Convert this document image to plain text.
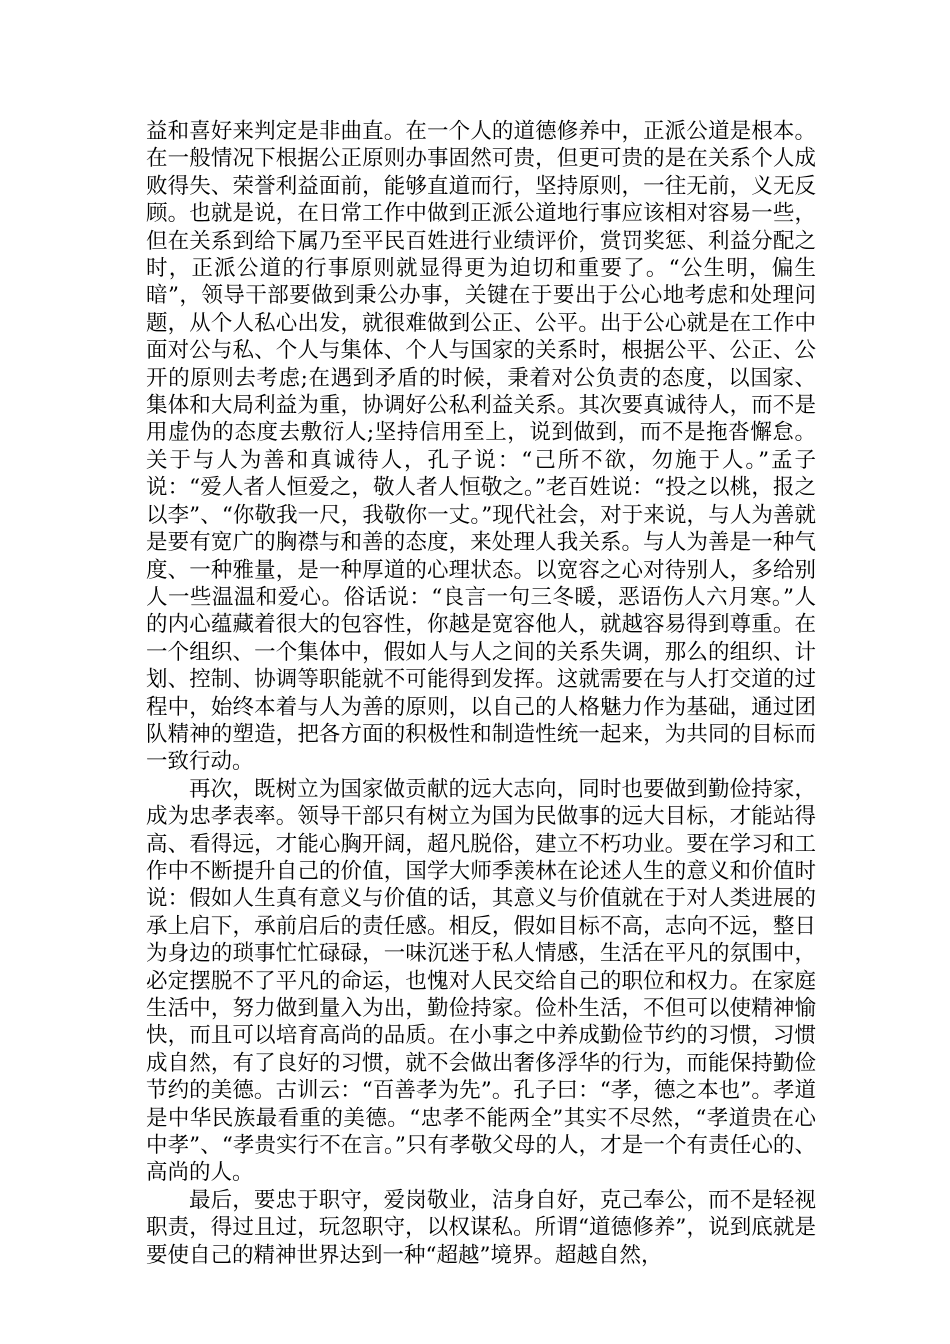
益和喜好来判定是非曲直。在一个人的道德修养中，正派公道是根本。在一般情况下根据公正原则办事固然可贵，但更可贵的是在关系个人成败得失、荣誉利益面前，能够直道而行，坚持原则，一往无前，义无反顾。也就是说，在日常工作中做到正派公道地行事应该相对容易一些，但在关系到给下属乃至平民百姓进行业绩评价，赏罚奖惩、利益分配之时，正派公道的行事原则就显得更为迫切和重要了。“公生明，偏生暗”，领导干部要做到秉公办事，关键在于要出于公心地考虑和处理问题，从个人私心出发，就很难做到公正、公平。出于公心就是在工作中面对公与私、个人与集体、个人与国家的关系时，根据公平、公正、公开的原则去考虑;在遇到矛盾的时候，秉着对公负责的态度，以国家、集体和大局利益为重，协调好公私利益关系。其次要真诚待人，而不是用虚伪的态度去敷衍人;坚持信用至上，说到做到，而不是拖沓懈怠。关于与人为善和真诚待人，孔子说：“己所不欲，勿施于人。”孟子说：“爱人者人恒爱之，敬人者人恒敬之。”老百姓说：“投之以桃，报之以李”、“你敬我一尺，我敬你一丈。”现代社会，对于来说，与人为善就是要有宽广的胸襟与和善的态度，来处理人我关系。与人为善是一种气度、一种雅量，是一种厚道的心理状态。以宽容之心对待别人，多给别人一些温温和爱心。俗话说：“良言一句三冬暖，恶语伤人六月寒。”人的内心蕴藏着很大的包容性，你越是宽容他人，就越容易得到尊重。在一个组织、一个集体中，假如人与人之间的关系失调，那么的组织、计划、控制、协调等职能就不可能得到发挥。这就需要在与人打交道的过程中，始终本着与人为善的原则，以自己的人格魅力作为基础，通过团队精神的塑造，把各方面的积极性和制造性统一起来，为共同的目标而一致行动。

再次，既树立为国家做贡献的远大志向，同时也要做到勤俭持家，成为忠孝表率。领导干部只有树立为国为民做事的远大目标，才能站得高、看得远，才能心胸开阔，超凡脱俗，建立不朽功业。要在学习和工作中不断提升自己的价值，国学大师季羡林在论述人生的意义和价值时说：假如人生真有意义与价值的话，其意义与价值就在于对人类进展的承上启下，承前启后的责任感。相反，假如目标不高，志向不远，整日为身边的琐事忙忙碌碌，一味沉迷于私人情感，生活在平凡的氛围中，必定摆脱不了平凡的命运，也愧对人民交给自己的职位和权力。在家庭生活中，努力做到量入为出，勤俭持家。俭朴生活，不但可以使精神愉快，而且可以培育高尚的品质。在小事之中养成勤俭节约的习惯，习惯成自然，有了良好的习惯，就不会做出奢侈浮华的行为，而能保持勤俭节约的美德。古训云：“百善孝为先”。孔子曰：“孝，德之本也”。孝道是中华民族最看重的美德。“忠孝不能两全”其实不尽然，“孝道贵在心中孝”、“孝贵实行不在言。”只有孝敬父母的人，才是一个有责任心的、高尚的人。

最后，要忠于职守，爱岗敬业，洁身自好，克己奉公，而不是轻视职责，得过且过，玩忽职守，以权谋私。所谓“道德修养”，说到底就是要使自己的精神世界达到一种“超越”境界。超越自然，
